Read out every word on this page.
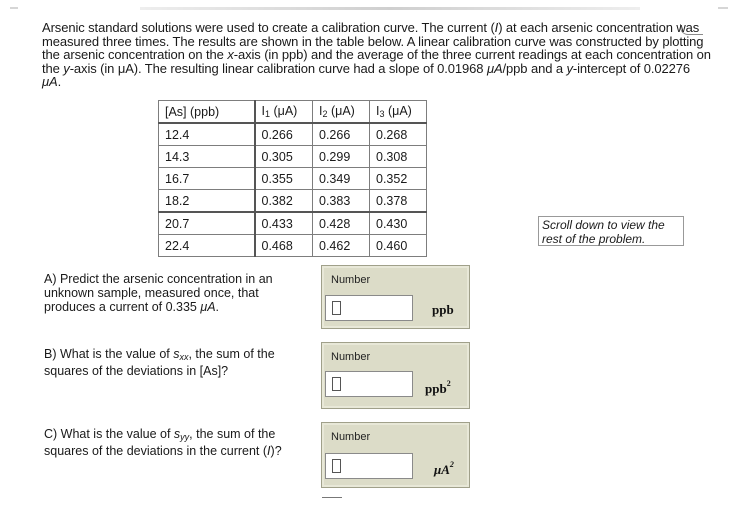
Arsenic standard solutions were used to create a calibration curve. The current (I) at each arsenic concentration was measured three times. The results are shown in the table below. A linear calibration curve was constructed by plotting the arsenic concentration on the x-axis (in ppb) and the average of the three current readings at each concentration on the y-axis (in μA). The resulting linear calibration curve had a slope of 0.01968 μA/ppb and a y-intercept of 0.02276 μA.
[As] (ppb)	$I_1$ (μA)	$I_2$ (μA)	$I_3$ (μA)
12.4	0.266	0.266	0.268
14.3	0.305	0.299	0.308
16.7	0.355	0.349	0.352
18.2	0.382	0.383	0.378
20.7	0.433	0.428	0.430
22.4	0.468	0.462	0.460
Scroll down to view the rest of the problem.
A) Predict the arsenic concentration in an unknown sample, measured once, that produces a current of 0.335 μA.
Number
ppb
B) What is the value of $s_{xx}$, the sum of the squares of the deviations in [As]?
Number
ppb$^2$
C) What is the value of $s_{yy}$, the sum of the squares of the deviations in the current (I)?
Number
$\mu A^2$
